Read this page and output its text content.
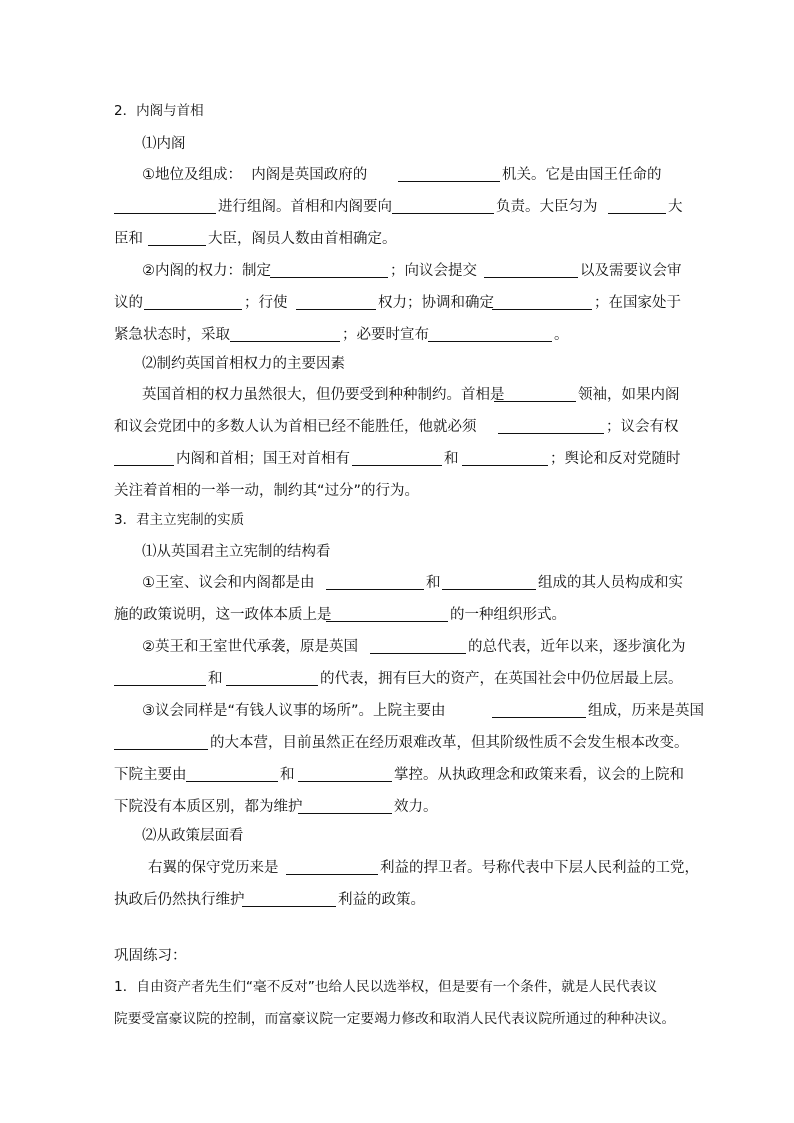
2．内阁与首相
⑴内阁
①地位及组成：  内阁是英国政府的	机关。它是由国王任命的
进行组阁。首相和内阁要向	负责。大臣匀为	大
臣和	大臣，阁员人数由首相确定。
②内阁的权力：制定	；向议会提交	以及需要议会审
议的	；行使	权力；协调和确定	；在国家处于
紧急状态时，采取	；必要时宣布	。
⑵制约英国首相权力的主要因素
英国首相的权力虽然很大，但仍要受到种种制约。首相是	领袖，如果内阁
和议会党团中的多数人认为首相已经不能胜任，他就必须	；议会有权
内阁和首相；国王对首相有	和	；舆论和反对党随时
关注着首相的一举一动，制约其“过分”的行为。
3．君主立宪制的实质
⑴从英国君主立宪制的结构看
①王室、议会和内阁都是由	和	组成的其人员构成和实
施的政策说明，这一政体本质上是	的一种组织形式。
②英王和王室世代承袭，原是英国	的总代表，近年以来，逐步演化为
和	的代表，拥有巨大的资产，在英国社会中仍位居最上层。
③议会同样是“有钱人议事的场所”。上院主要由	组成，历来是英国
的大本营，目前虽然正在经历艰难改革，但其阶级性质不会发生根本改变。
下院主要由	和	掌控。从执政理念和政策来看，议会的上院和
下院没有本质区别，都为维护	效力。
⑵从政策层面看
右翼的保守党历来是	利益的捍卫者。号称代表中下层人民利益的工党，
执政后仍然执行维护	利益的政策。
巩固练习：
1．自由资产者先生们“毫不反对”也给人民以选举权，但是要有一个条件，就是人民代表议
院要受富豪议院的控制，而富豪议院一定要竭力修改和取消人民代表议院所通过的种种决议。
